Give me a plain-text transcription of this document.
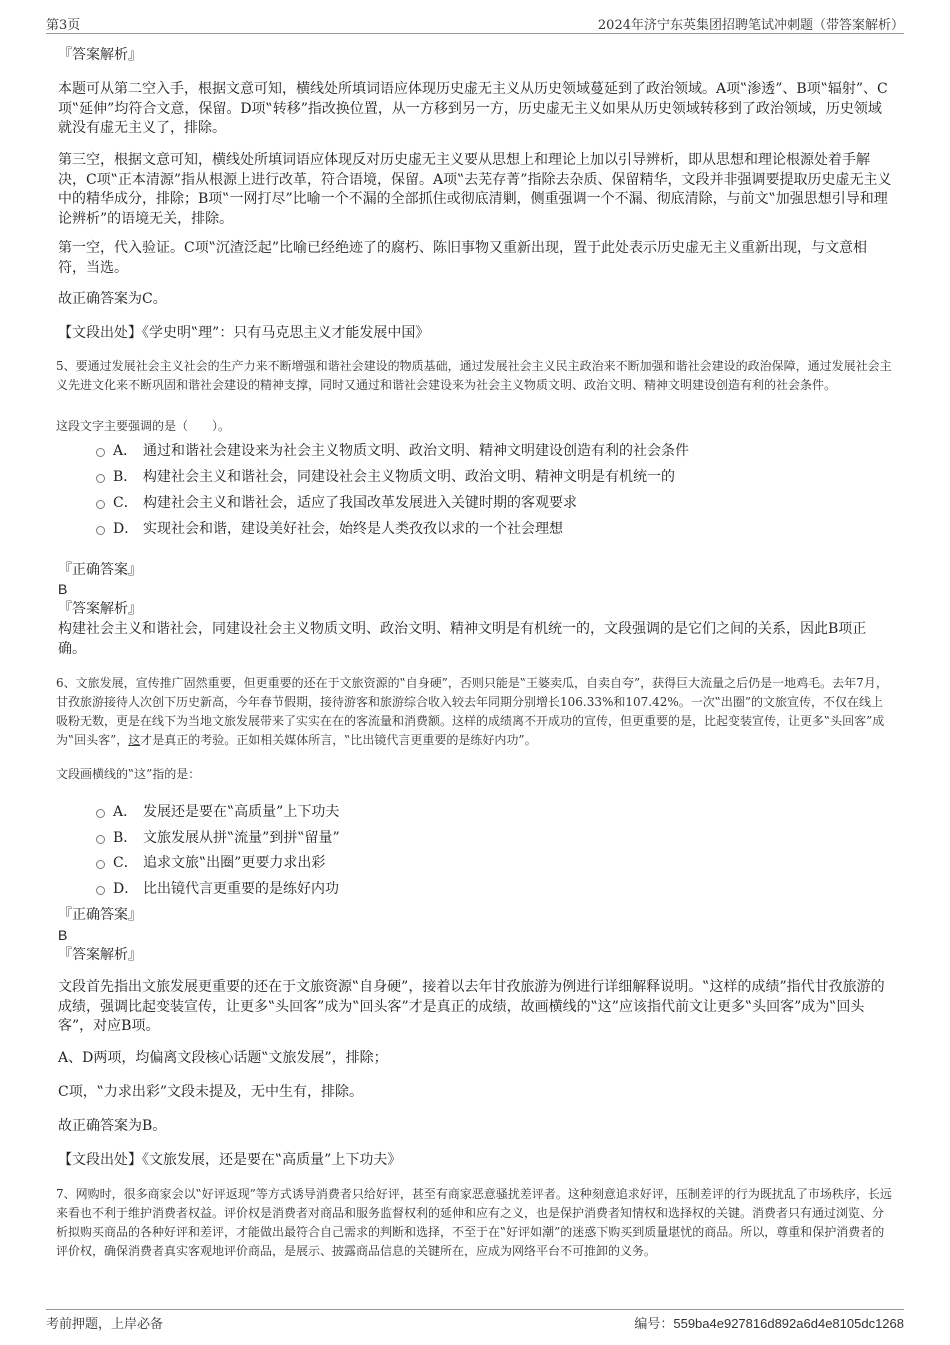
第3页	2024年济宁东英集团招聘笔试冲刺题（带答案解析）
『答案解析』
本题可从第二空入手，根据文意可知，横线处所填词语应体现历史虚无主义从历史领域蔓延到了政治领域。A项‟渗透”、B项‟辐射”、C项‟延伸”均符合文意，保留。D项‟转移”指改换位置，从一方移到另一方，历史虚无主义如果从历史领域转移到了政治领域，历史领域就没有虚无主义了，排除。
第三空，根据文意可知，横线处所填词语应体现反对历史虚无主义要从思想上和理论上加以引导辨析，即从思想和理论根源处着手解决，C项‟正本清源”指从根源上进行改革，符合语境，保留。A项‟去芜存菁”指除去杂质、保留精华，文段并非强调要提取历史虚无主义中的精华成分，排除；B项‟一网打尽”比喻一个不漏的全部抓住或彻底清剿，侧重强调一个不漏、彻底清除，与前文‟加强思想引导和理论辨析”的语境无关，排除。
第一空，代入验证。C项‟沉渣泛起”比喻已经绝迹了的腐朽、陈旧事物又重新出现，置于此处表示历史虚无主义重新出现，与文意相符，当选。
故正确答案为C。
【文段出处】《学史明‟理”：只有马克思主义才能发展中国》
5、要通过发展社会主义社会的生产力来不断增强和谐社会建设的物质基础，通过发展社会主义民主政治来不断加强和谐社会建设的政治保障，通过发展社会主义先进文化来不断巩固和谐社会建设的精神支撑，同时又通过和谐社会建设来为社会主义物质文明、政治文明、精神文明建设创造有利的社会条件。
这段文字主要强调的是（　　）。
A． 通过和谐社会建设来为社会主义物质文明、政治文明、精神文明建设创造有利的社会条件
B． 构建社会主义和谐社会，同建设社会主义物质文明、政治文明、精神文明是有机统一的
C． 构建社会主义和谐社会，适应了我国改革发展进入关键时期的客观要求
D． 实现社会和谐，建设美好社会，始终是人类孜孜以求的一个社会理想
『正确答案』
B
『答案解析』
构建社会主义和谐社会，同建设社会主义物质文明、政治文明、精神文明是有机统一的，文段强调的是它们之间的关系，因此B项正确。
6、文旅发展，宣传推广固然重要，但更重要的还在于文旅资源的‟自身硬”，否则只能是‟王婆卖瓜，自卖自夸”，获得巨大流量之后仍是一地鸡毛。去年7月，甘孜旅游接待人次创下历史新高，今年春节假期，接待游客和旅游综合收入较去年同期分别增长106.33%和107.42%。一次‟出圈”的文旅宣传，不仅在线上吸粉无数，更是在线下为当地文旅发展带来了实实在在的客流量和消费额。这样的成绩离不开成功的宣传，但更重要的是，比起变装宣传，让更多‟头回客”成为‟回头客”，这才是真正的考验。正如相关媒体所言，‟比出镜代言更重要的是练好内功”。
文段画横线的‟这”指的是：
A． 发展还是要在‟高质量”上下功夫
B． 文旅发展从拼‟流量”到拼‟留量”
C． 追求文旅‟出圈”更要力求出彩
D． 比出镜代言更重要的是练好内功
『正确答案』
B
『答案解析』
文段首先指出文旅发展更重要的还在于文旅资源‟自身硬”，接着以去年甘孜旅游为例进行详细解释说明。‟这样的成绩”指代甘孜旅游的成绩，强调比起变装宣传，让更多‟头回客”成为‟回头客”才是真正的成绩，故画横线的‟这”应该指代前文让更多‟头回客”成为‟回头客”，对应B项。
A、D两项，均偏离文段核心话题‟文旅发展”，排除；
C项，‟力求出彩”文段未提及，无中生有，排除。
故正确答案为B。
【文段出处】《文旅发展，还是要在‟高质量”上下功夫》
7、网购时，很多商家会以‟好评返现”等方式诱导消费者只给好评，甚至有商家恶意骚扰差评者。这种刻意追求好评，压制差评的行为既扰乱了市场秩序，长远来看也不利于维护消费者权益。评价权是消费者对商品和服务监督权利的延伸和应有之义，也是保护消费者知情权和选择权的关键。消费者只有通过浏览、分析拟购买商品的各种好评和差评，才能做出最符合自己需求的判断和选择，不至于在‟好评如潮”的迷惑下购买到质量堪忧的商品。所以，尊重和保护消费者的评价权，确保消费者真实客观地评价商品，是展示、披露商品信息的关键所在，应成为网络平台不可推卸的义务。
考前押题，上岸必备	编号：559ba4e927816d892a6d4e8105dc1268
